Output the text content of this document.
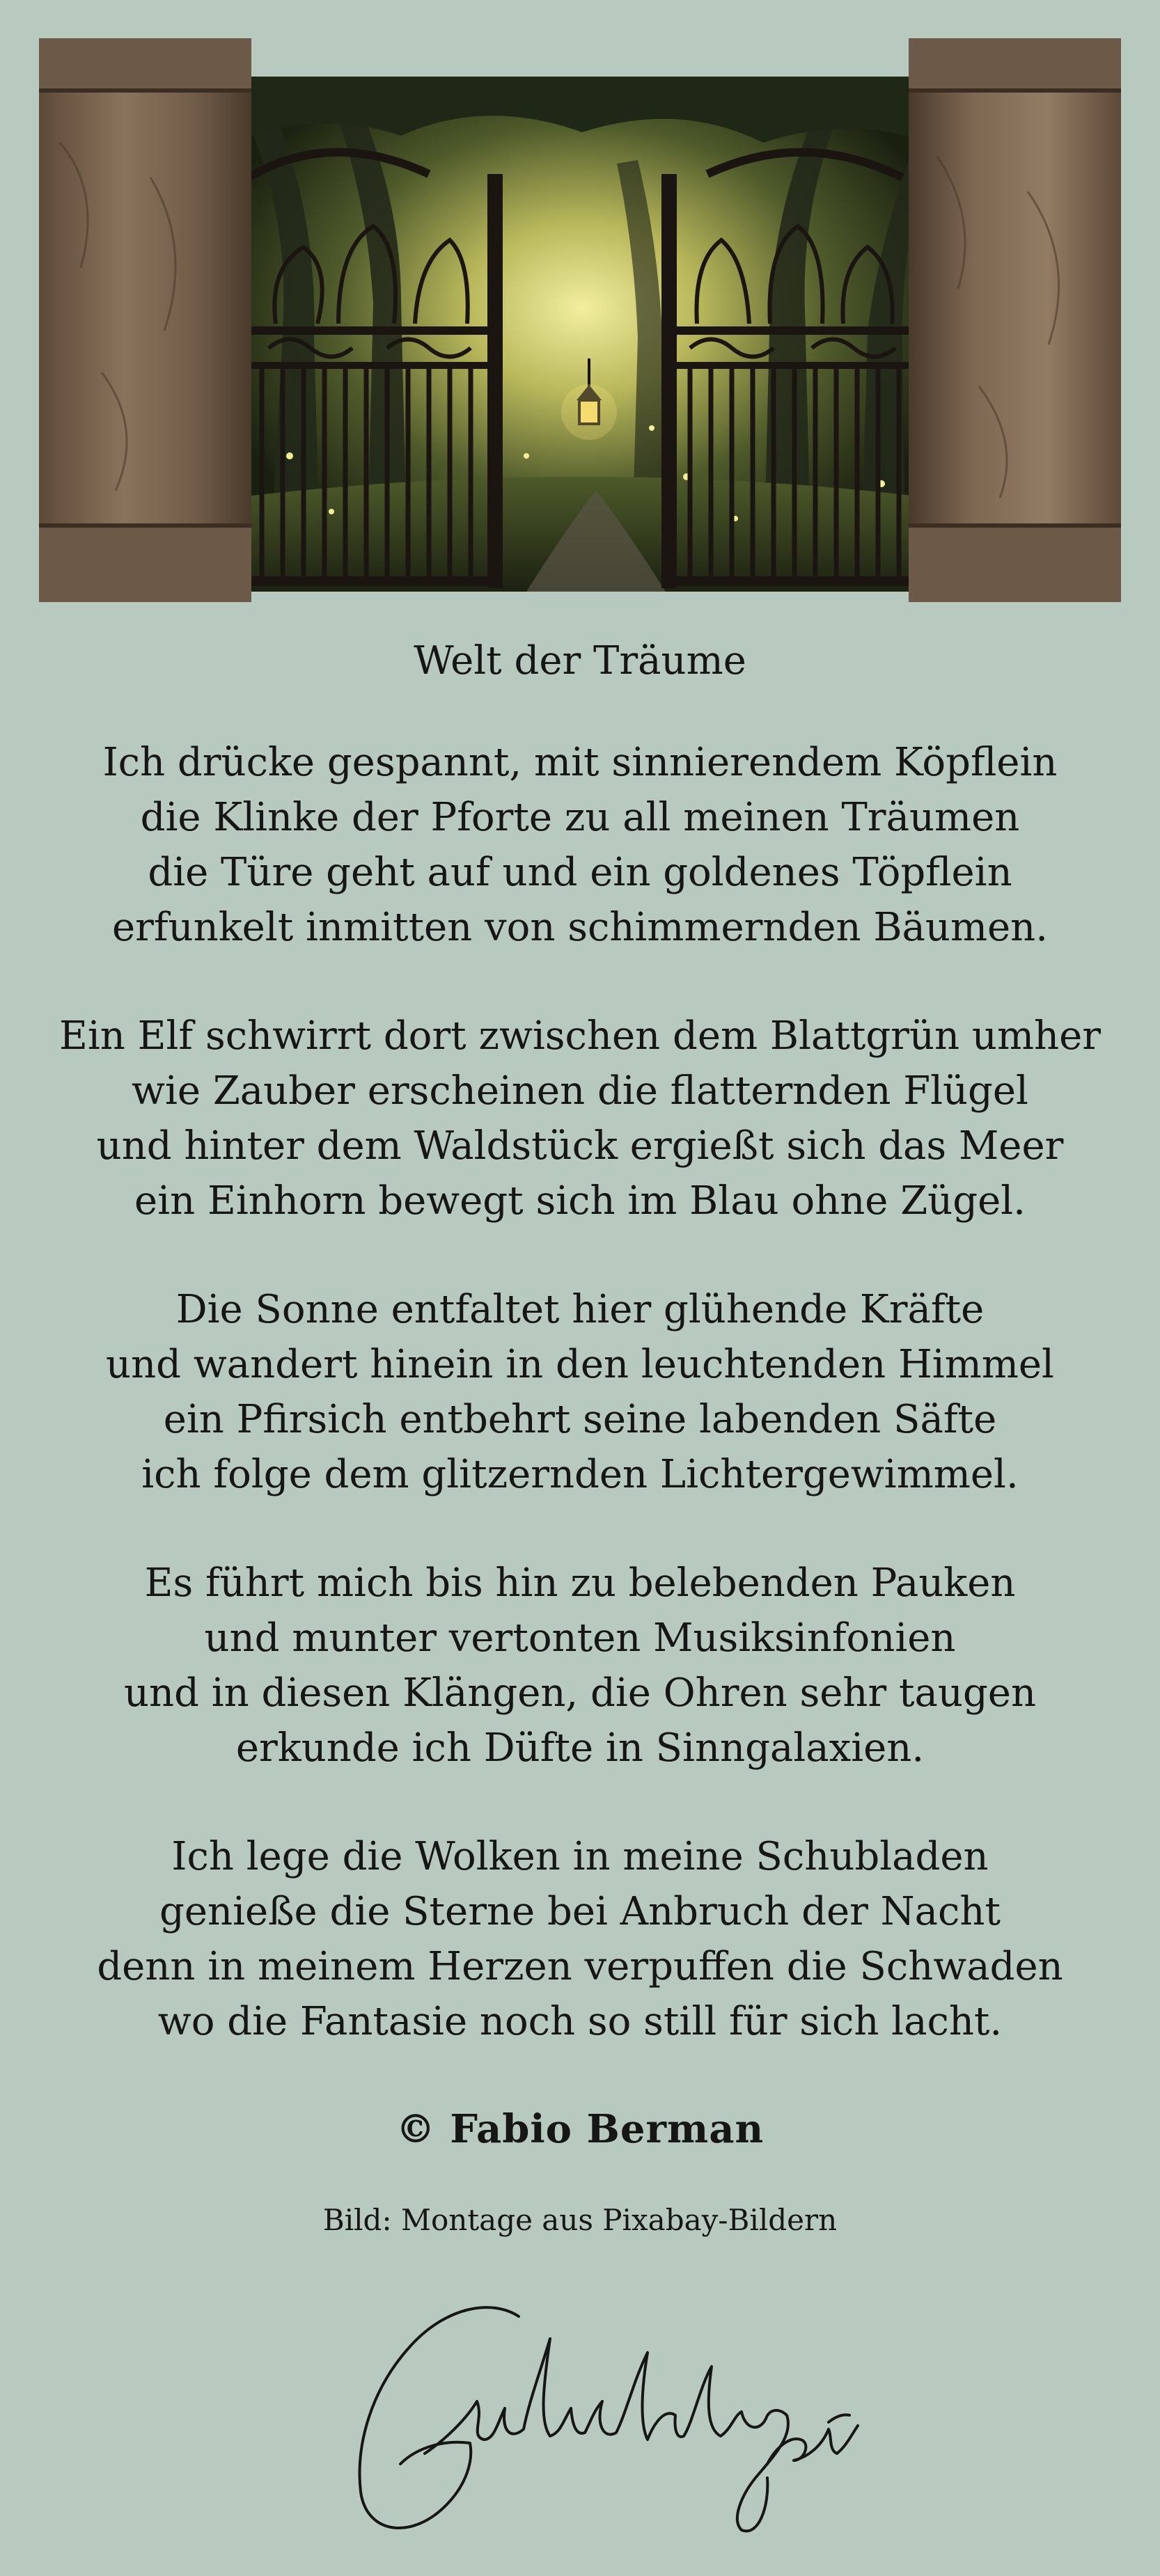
Welt der Träume
Ich drücke gespannt, mit sinnierendem Köpflein
die Klinke der Pforte zu all meinen Träumen
die Türe geht auf und ein goldenes Töpflein
erfunkelt inmitten von schimmernden Bäumen.
Ein Elf schwirrt dort zwischen dem Blattgrün umher
wie Zauber erscheinen die flatternden Flügel
und hinter dem Waldstück ergießt sich das Meer
ein Einhorn bewegt sich im Blau ohne Zügel.
Die Sonne entfaltet hier glühende Kräfte
und wandert hinein in den leuchtenden Himmel
ein Pfirsich entbehrt seine labenden Säfte
ich folge dem glitzernden Lichtergewimmel.
Es führt mich bis hin zu belebenden Pauken
und munter vertonten Musiksinfonien
und in diesen Klängen, die Ohren sehr taugen
erkunde ich Düfte in Sinngalaxien.
Ich lege die Wolken in meine Schubladen
genieße die Sterne bei Anbruch der Nacht
denn in meinem Herzen verpuffen die Schwaden
wo die Fantasie noch so still für sich lacht.

© Fabio Berman

Bild: Montage aus Pixabay-Bildern
